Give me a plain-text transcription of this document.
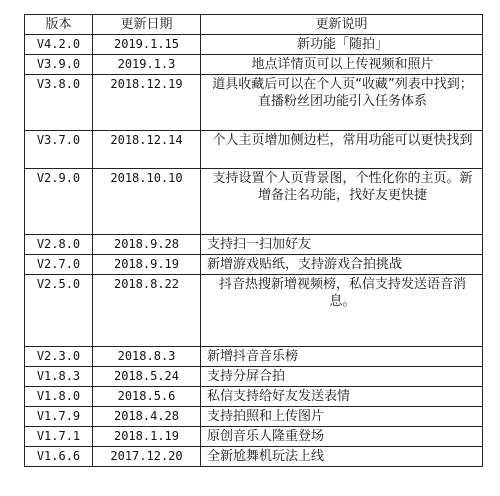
版本	更新日期	更新说明
V4.2.0	2019.1.15	新功能「随拍」
V3.9.0	2019.1.3	地点详情页可以上传视频和照片
V3.8.0	2018.12.19	道具收藏后可以在个人页“收藏”列表中找到；直播粉丝团功能引入任务体系
V3.7.0	2018.12.14	个人主页增加侧边栏，常用功能可以更快找到
V2.9.0	2018.10.10	支持设置个人页背景图，个性化你的主页。新增备注名功能，找好友更快捷
V2.8.0	2018.9.28	支持扫一扫加好友
V2.7.0	2018.9.19	新增游戏贴纸，支持游戏合拍挑战
V2.5.0	2018.8.22	抖音热搜新增视频榜，私信支持发送语音消息。
V2.3.0	2018.8.3	新增抖音音乐榜
V1.8.3	2018.5.24	支持分屏合拍
V1.8.0	2018.5.6	私信支持给好友发送表情
V1.7.9	2018.4.28	支持拍照和上传图片
V1.7.1	2018.1.19	原创音乐人隆重登场
V1.6.6	2017.12.20	全新尬舞机玩法上线
